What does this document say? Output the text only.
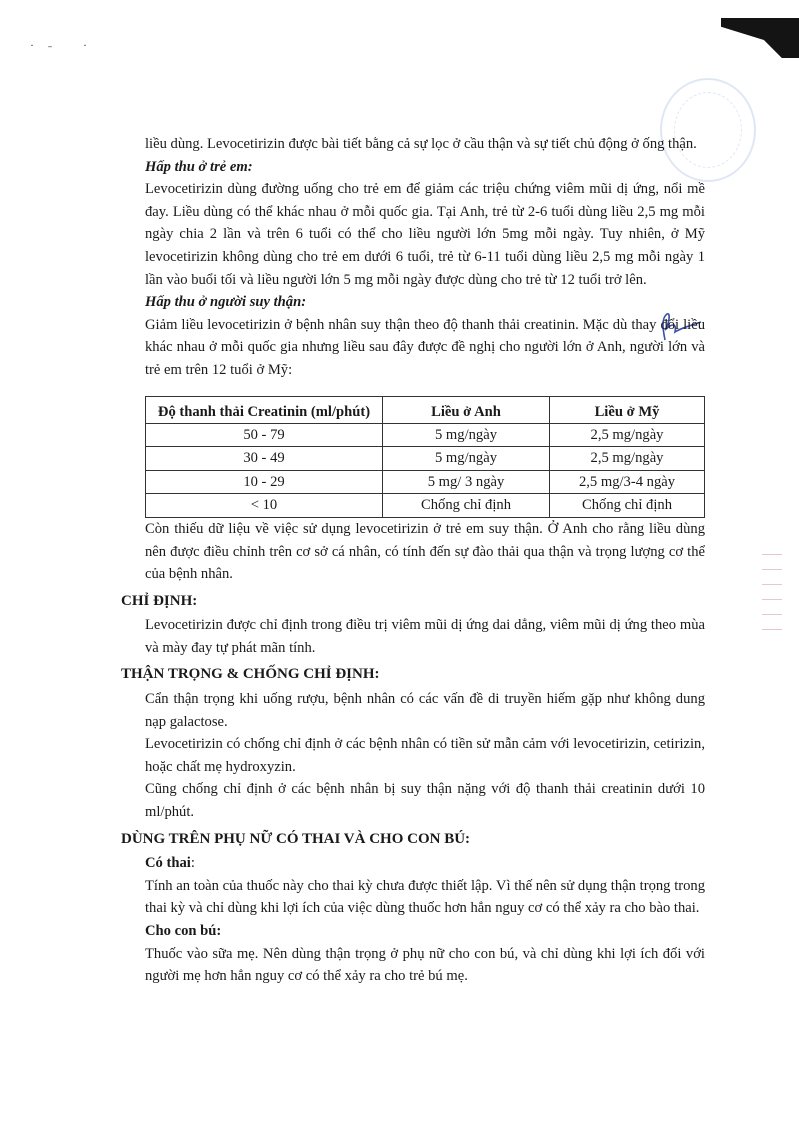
·˗ ·

liều dùng. Levocetirizin được bài tiết bằng cả sự lọc ở cầu thận và sự tiết chủ động ở ống thận.

Hấp thu ở trẻ em:

Levocetirizin dùng đường uống cho trẻ em để giảm các triệu chứng viêm mũi dị ứng, nổi mề đay. Liều dùng có thể khác nhau ở mỗi quốc gia. Tại Anh, trẻ từ 2-6 tuổi dùng liều 2,5 mg mỗi ngày chia 2 lần và trên 6 tuổi có thể cho liều người lớn 5mg mỗi ngày. Tuy nhiên, ở Mỹ levocetirizin không dùng cho trẻ em dưới 6 tuổi, trẻ từ 6-11 tuổi dùng liều 2,5 mg mỗi ngày 1 lần vào buổi tối và liều người lớn 5 mg mỗi ngày được dùng cho trẻ từ 12 tuổi trở lên.

Hấp thu ở người suy thận:

Giảm liều levocetirizin ở bệnh nhân suy thận theo độ thanh thải creatinin. Mặc dù thay đổi liều khác nhau ở mỗi quốc gia nhưng liều sau đây được đề nghị cho người lớn ở Anh, người lớn và trẻ em trên 12 tuổi ở Mỹ:

Độ thanh thải Creatinin (ml/phút)	Liều ở Anh	Liều ở Mỹ
50 - 79	5 mg/ngày	2,5 mg/ngày
30 - 49	5 mg/ngày	2,5 mg/ngày
10 - 29	5 mg/ 3 ngày	2,5 mg/3-4 ngày
< 10	Chống chỉ định	Chống chỉ định

Còn thiếu dữ liệu về việc sử dụng levocetirizin ở trẻ em suy thận. Ở Anh cho rằng liều dùng nên được điều chỉnh trên cơ sở cá nhân, có tính đến sự đào thải qua thận và trọng lượng cơ thể của bệnh nhân.

CHỈ ĐỊNH:

Levocetirizin được chỉ định trong điều trị viêm mũi dị ứng dai dẳng, viêm mũi dị ứng theo mùa và mày đay tự phát mãn tính.

THẬN TRỌNG & CHỐNG CHỈ ĐỊNH:

Cẩn thận trọng khi uống rượu, bệnh nhân có các vấn đề di truyền hiếm gặp như không dung nạp galactose.

Levocetirizin có chống chỉ định ở các bệnh nhân có tiền sử mẫn cảm với levocetirizin, cetirizin, hoặc chất mẹ hydroxyzin.

Cũng chống chỉ định ở các bệnh nhân bị suy thận nặng với độ thanh thải creatinin dưới 10 ml/phút.

DÙNG TRÊN PHỤ NỮ CÓ THAI VÀ CHO CON BÚ:

Có thai:

Tính an toàn của thuốc này cho thai kỳ chưa được thiết lập. Vì thế nên sử dụng thận trọng trong thai kỳ và chỉ dùng khi lợi ích của việc dùng thuốc hơn hẳn nguy cơ có thể xảy ra cho bào thai.

Cho con bú:

Thuốc vào sữa mẹ. Nên dùng thận trọng ở phụ nữ cho con bú, và chỉ dùng khi lợi ích đối với người mẹ hơn hẳn nguy cơ có thể xảy ra cho trẻ bú mẹ.
